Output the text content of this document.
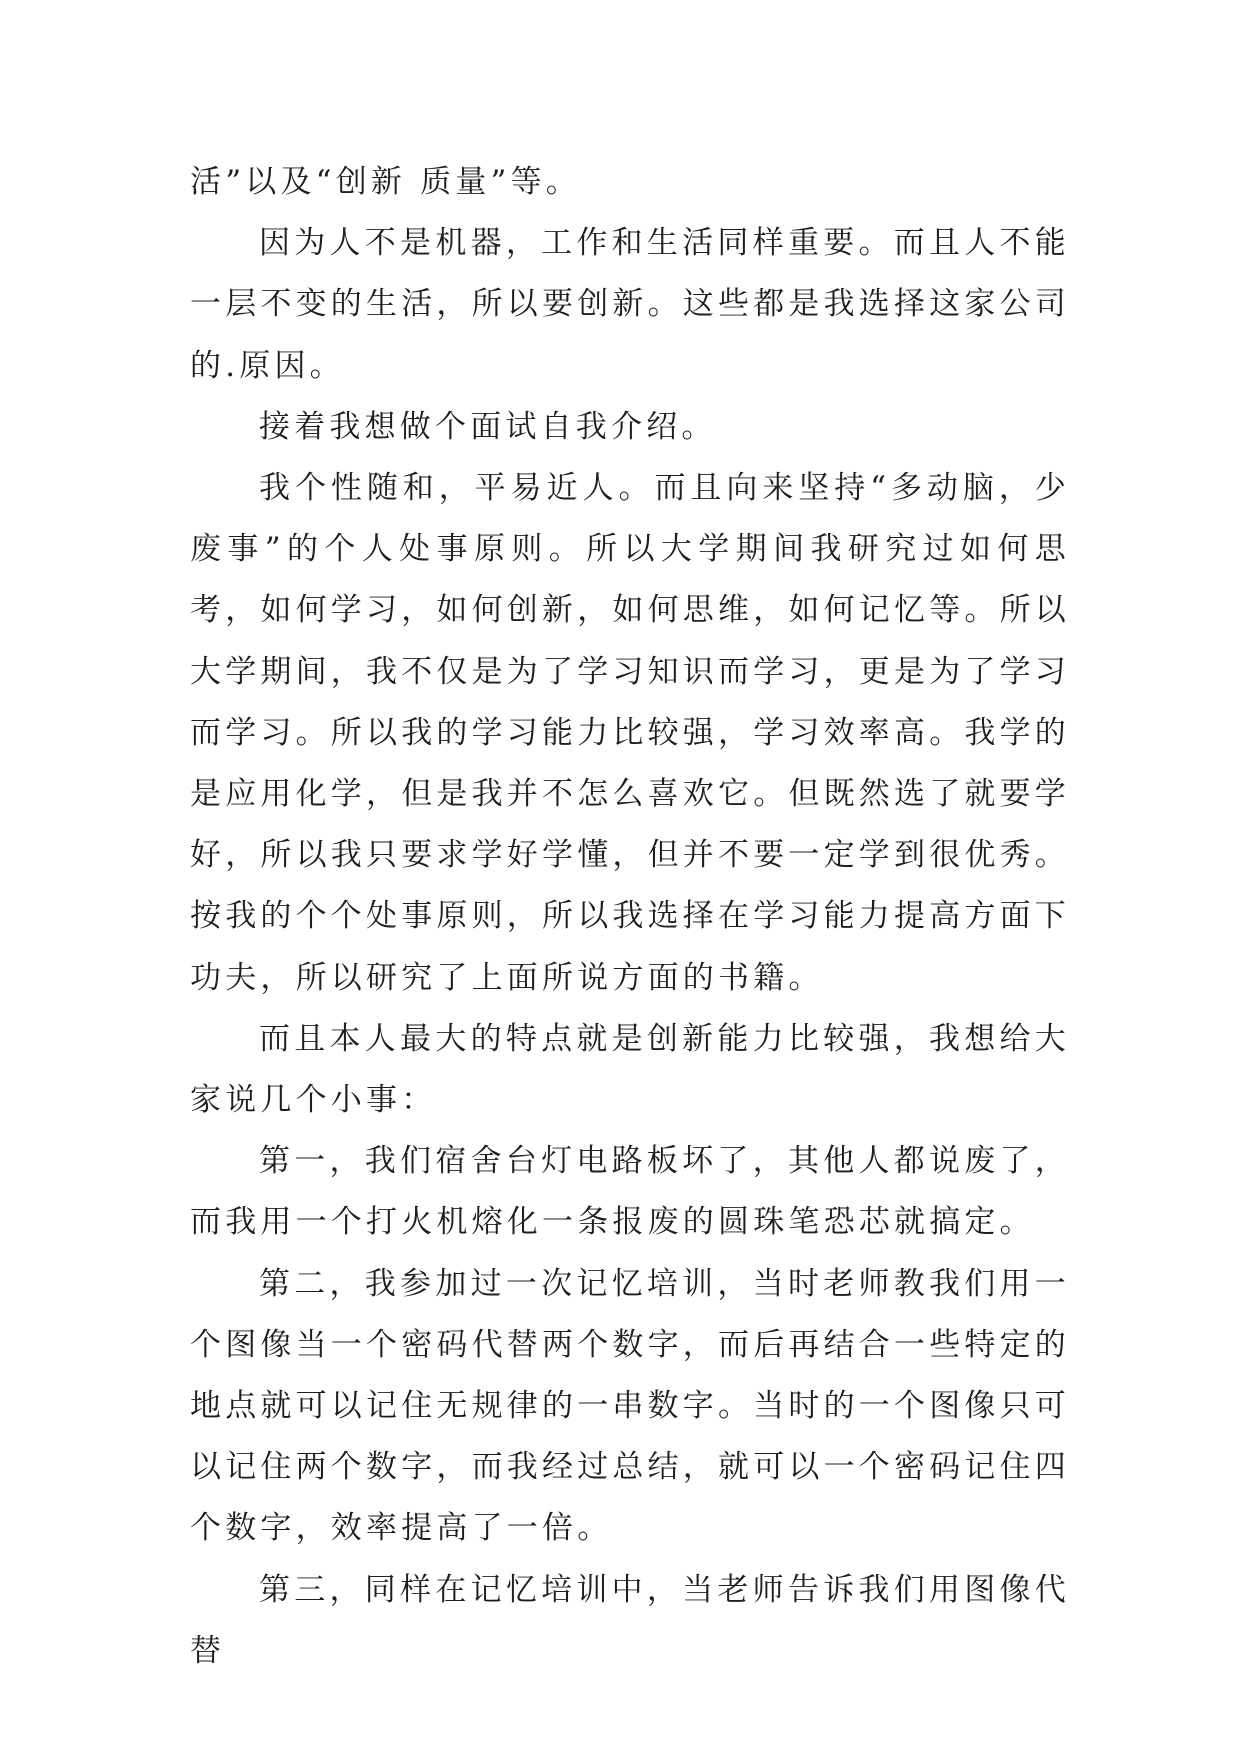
活”以及“创新 质量”等。

因为人不是机器，工作和生活同样重要。而且人不能一层不变的生活，所以要创新。这些都是我选择这家公司的.原因。

接着我想做个面试自我介绍。

我个性随和，平易近人。而且向来坚持“多动脑，少废事”的个人处事原则。所以大学期间我研究过如何思考，如何学习，如何创新，如何思维，如何记忆等。所以大学期间，我不仅是为了学习知识而学习，更是为了学习而学习。所以我的学习能力比较强，学习效率高。我学的是应用化学，但是我并不怎么喜欢它。但既然选了就要学好，所以我只要求学好学懂，但并不要一定学到很优秀。按我的个个处事原则，所以我选择在学习能力提高方面下功夫，所以研究了上面所说方面的书籍。

而且本人最大的特点就是创新能力比较强，我想给大家说几个小事：

第一，我们宿舍台灯电路板坏了，其他人都说废了，而我用一个打火机熔化一条报废的圆珠笔恐芯就搞定。

第二，我参加过一次记忆培训，当时老师教我们用一个图像当一个密码代替两个数字，而后再结合一些特定的地点就可以记住无规律的一串数字。当时的一个图像只可以记住两个数字，而我经过总结，就可以一个密码记住四个数字，效率提高了一倍。

第三，同样在记忆培训中，当老师告诉我们用图像代替
